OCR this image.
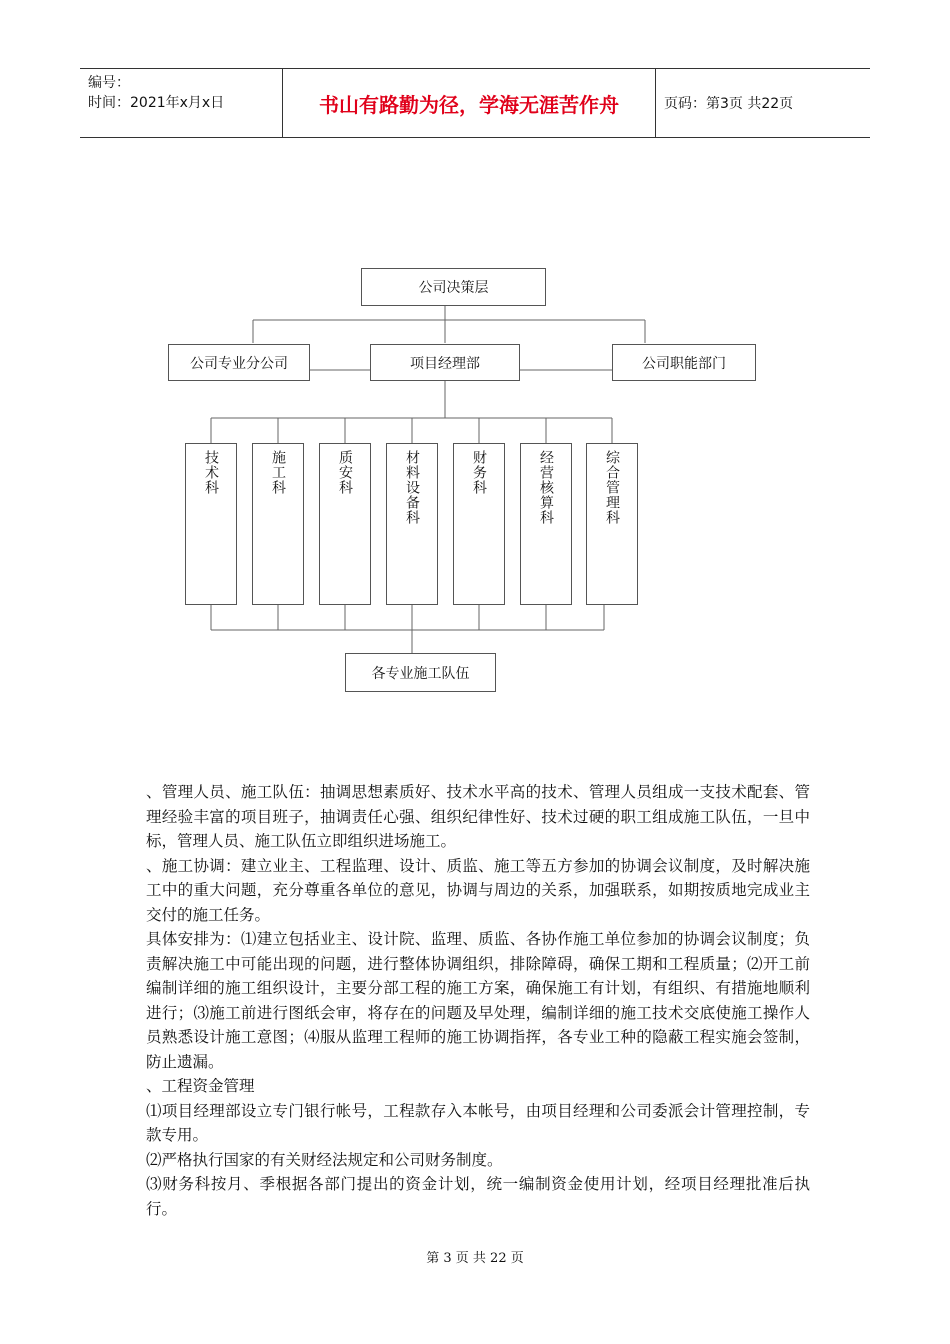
编号：
时间：2021年x月x日	书山有路勤为径，学海无涯苦作舟	页码：第3页 共22页
公司决策层
公司专业分公司	项目经理部	公司职能部门
技术科	施工科	质安科	材料设备科	财务科	经营核算科	综合管理科
各专业施工队伍

、管理人员、施工队伍：抽调思想素质好、技术水平高的技术、管理人员组成一支技术配套、管理经验丰富的项目班子，抽调责任心强、组织纪律性好、技术过硬的职工组成施工队伍，一旦中标，管理人员、施工队伍立即组织进场施工。

、施工协调：建立业主、工程监理、设计、质监、施工等五方参加的协调会议制度，及时解决施工中的重大问题，充分尊重各单位的意见，协调与周边的关系，加强联系，如期按质地完成业主交付的施工任务。

具体安排为：⑴建立包括业主、设计院、监理、质监、各协作施工单位参加的协调会议制度；负责解决施工中可能出现的问题，进行整体协调组织，排除障碍，确保工期和工程质量；⑵开工前编制详细的施工组织设计，主要分部工程的施工方案，确保施工有计划，有组织、有措施地顺利进行；⑶施工前进行图纸会审，将存在的问题及早处理，编制详细的施工技术交底使施工操作人员熟悉设计施工意图；⑷服从监理工程师的施工协调指挥，各专业工种的隐蔽工程实施会签制，防止遗漏。

、工程资金管理

⑴项目经理部设立专门银行帐号，工程款存入本帐号，由项目经理和公司委派会计管理控制，专款专用。

⑵严格执行国家的有关财经法规定和公司财务制度。

⑶财务科按月、季根据各部门提出的资金计划，统一编制资金使用计划，经项目经理批准后执行。

第 3 页 共 22 页
